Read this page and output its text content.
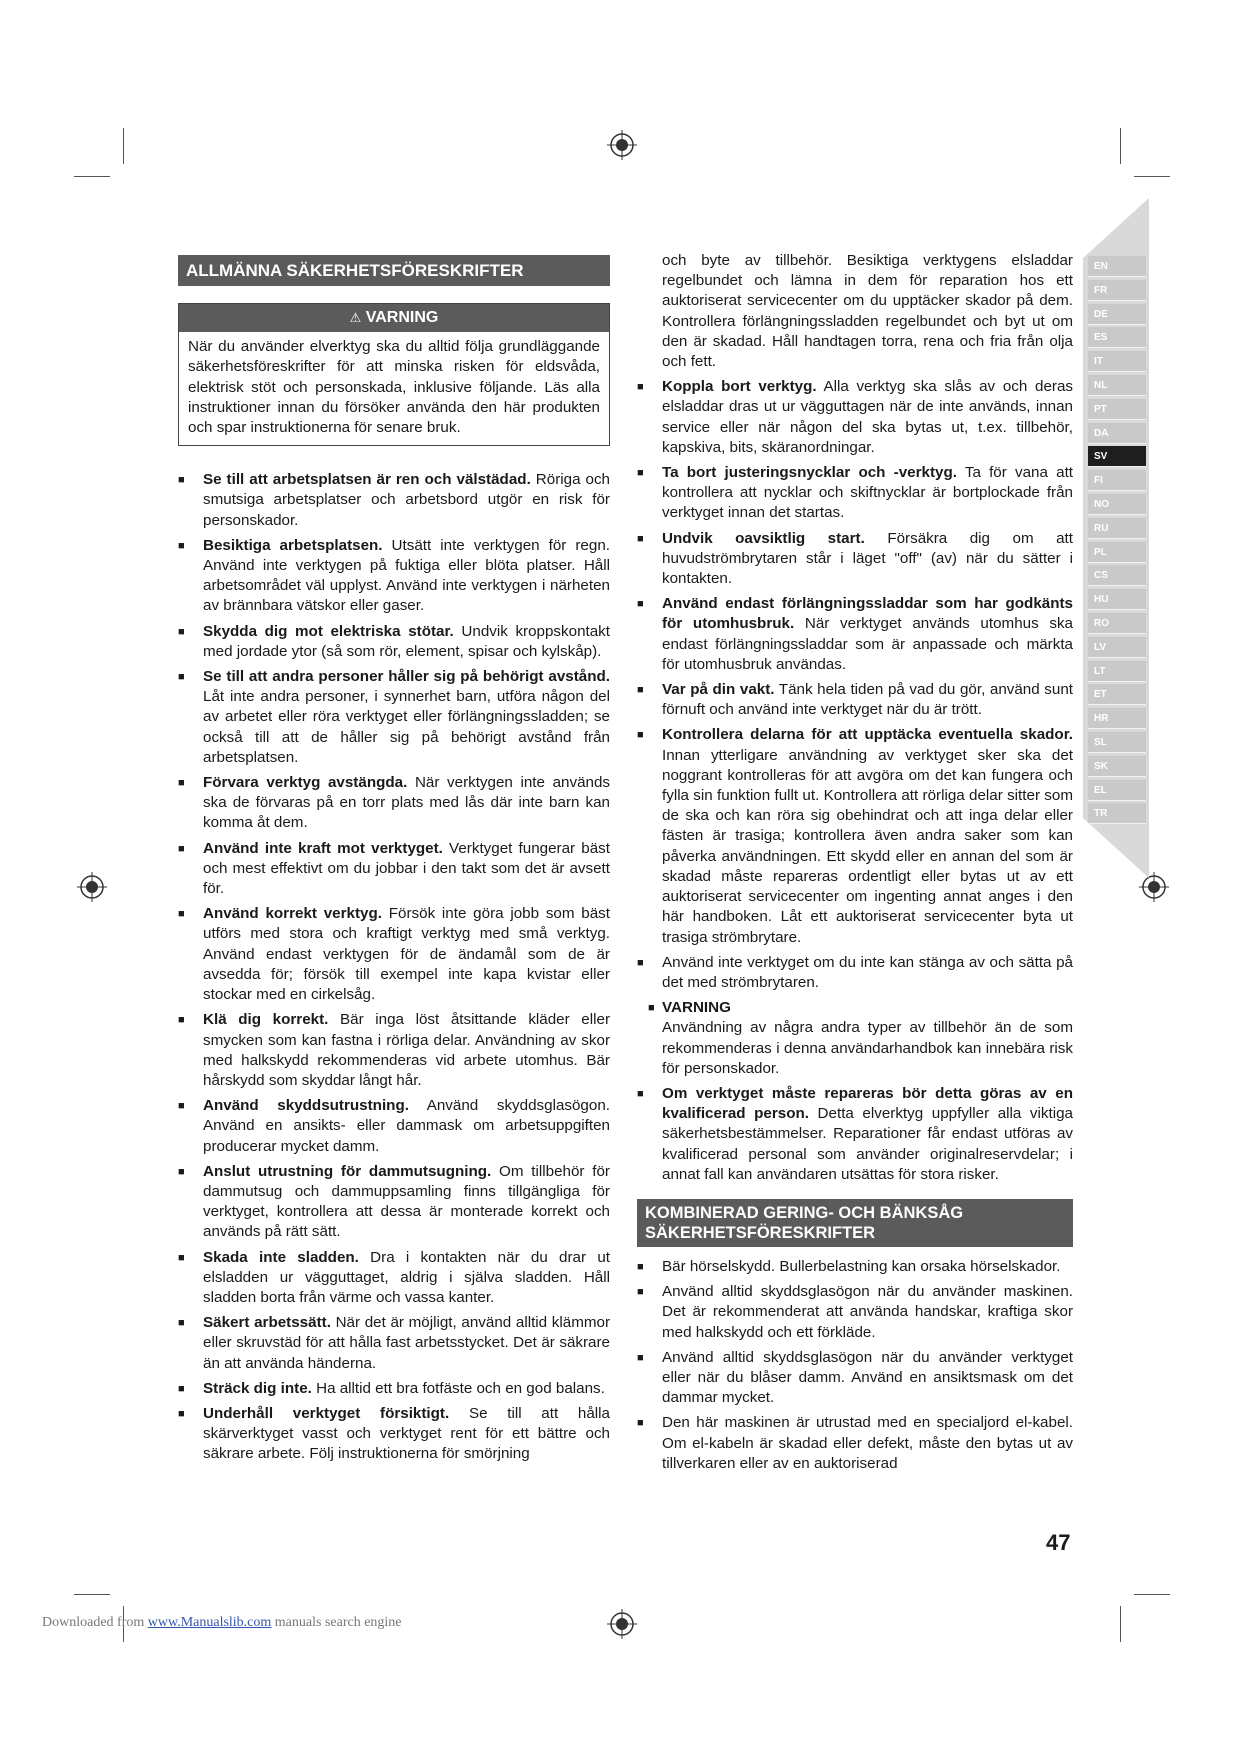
ALLMÄNNA SÄKERHETSFÖRESKRIFTER
⚠ VARNING
När du använder elverktyg ska du alltid följa grundläggande säkerhetsföreskrifter för att minska risken för eldsvåda, elektrisk stöt och personskada, inklusive följande. Läs alla instruktioner innan du försöker använda den här produkten och spar instruktionerna för senare bruk.
■ Se till att arbetsplatsen är ren och välstädad. Röriga och smutsiga arbetsplatser och arbetsbord utgör en risk för personskador.
■ Besiktiga arbetsplatsen. Utsätt inte verktygen för regn. Använd inte verktygen på fuktiga eller blöta platser. Håll arbetsområdet väl upplyst. Använd inte verktygen i närheten av brännbara vätskor eller gaser.
■ Skydda dig mot elektriska stötar. Undvik kroppskontakt med jordade ytor (så som rör, element, spisar och kylskåp).
■ Se till att andra personer håller sig på behörigt avstånd. Låt inte andra personer, i synnerhet barn, utföra någon del av arbetet eller röra verktyget eller förlängningssladden; se också till att de håller sig på behörigt avstånd från arbetsplatsen.
■ Förvara verktyg avstängda. När verktygen inte används ska de förvaras på en torr plats med lås där inte barn kan komma åt dem.
■ Använd inte kraft mot verktyget. Verktyget fungerar bäst och mest effektivt om du jobbar i den takt som det är avsett för.
■ Använd korrekt verktyg. Försök inte göra jobb som bäst utförs med stora och kraftigt verktyg med små verktyg. Använd endast verktygen för de ändamål som de är avsedda för; försök till exempel inte kapa kvistar eller stockar med en cirkelsåg.
■ Klä dig korrekt. Bär inga löst åtsittande kläder eller smycken som kan fastna i rörliga delar. Användning av skor med halkskydd rekommenderas vid arbete utomhus. Bär hårskydd som skyddar långt hår.
■ Använd skyddsutrustning. Använd skyddsglasögon. Använd en ansikts- eller dammask om arbetsuppgiften producerar mycket damm.
■ Anslut utrustning för dammutsugning. Om tillbehör för dammutsug och dammuppsamling finns tillgängliga för verktyget, kontrollera att dessa är monterade korrekt och används på rätt sätt.
■ Skada inte sladden. Dra i kontakten när du drar ut elsladden ur vägguttaget, aldrig i själva sladden. Håll sladden borta från värme och vassa kanter.
■ Säkert arbetssätt. När det är möjligt, använd alltid klämmor eller skruvstäd för att hålla fast arbetsstycket. Det är säkrare än att använda händerna.
■ Sträck dig inte. Ha alltid ett bra fotfäste och en god balans.
■ Underhåll verktyget försiktigt. Se till att hålla skärverktyget vasst och verktyget rent för ett bättre och säkrare arbete. Följ instruktionerna för smörjning

och byte av tillbehör. Besiktiga verktygens elsladdar regelbundet och lämna in dem för reparation hos ett auktoriserat servicecenter om du upptäcker skador på dem. Kontrollera förlängningssladden regelbundet och byt ut om den är skadad. Håll handtagen torra, rena och fria från olja och fett.

■ Koppla bort verktyg. Alla verktyg ska slås av och deras elsladdar dras ut ur vägguttagen när de inte används, innan service eller när någon del ska bytas ut, t.ex. tillbehör, kapskiva, bits, skäranordningar.
■ Ta bort justeringsnycklar och -verktyg. Ta för vana att kontrollera att nycklar och skiftnycklar är bortplockade från verktyget innan det startas.
■ Undvik oavsiktlig start. Försäkra dig om att huvudströmbrytaren står i läget "off" (av) när du sätter i kontakten.
■ Använd endast förlängningssladdar som har godkänts för utomhusbruk. När verktyget används utomhus ska endast förlängningssladdar som är anpassade och märkta för utomhusbruk användas.
■ Var på din vakt. Tänk hela tiden på vad du gör, använd sunt förnuft och använd inte verktyget när du är trött.
■ Kontrollera delarna för att upptäcka eventuella skador. Innan ytterligare användning av verktyget sker ska det noggrant kontrolleras för att avgöra om det kan fungera och fylla sin funktion fullt ut. Kontrollera att rörliga delar sitter som de ska och kan röra sig obehindrat och att inga delar eller fästen är trasiga; kontrollera även andra saker som kan påverka användningen. Ett skydd eller en annan del som är skadad måste repareras ordentligt eller bytas ut av ett auktoriserat servicecenter om ingenting annat anges i den här handboken. Låt ett auktoriserat servicecenter byta ut trasiga strömbrytare.
■ Använd inte verktyget om du inte kan stänga av och sätta på det med strömbrytaren.
■ VARNING
Användning av några andra typer av tillbehör än de som rekommenderas i denna användarhandbok kan innebära risk för personskador.
■ Om verktyget måste repareras bör detta göras av en kvalificerad person. Detta elverktyg uppfyller alla viktiga säkerhetsbestämmelser. Reparationer får endast utföras av kvalificerad personal som använder originalreservdelar; i annat fall kan användaren utsättas för stora risker.
KOMBINERAD GERING- OCH BÄNKSÅG SÄKERHETSFÖRESKRIFTER
■ Bär hörselskydd. Bullerbelastning kan orsaka hörselskador.
■ Använd alltid skyddsglasögon när du använder maskinen. Det är rekommenderat att använda handskar, kraftiga skor med halkskydd och ett förkläde.
■ Använd alltid skyddsglasögon när du använder verktyget eller när du blåser damm. Använd en ansiktsmask om det dammar mycket.
■ Den här maskinen är utrustad med en specialjord el-kabel. Om el-kabeln är skadad eller defekt, måste den bytas ut av tillverkaren eller av en auktoriserad
EN
FR
DE
ES
IT
NL
PT
DA
SV
FI
NO
RU
PL
CS
HU
RO
LV
LT
ET
HR
SL
SK
EL
TR
47
Downloaded from www.Manualslib.com manuals search engine
